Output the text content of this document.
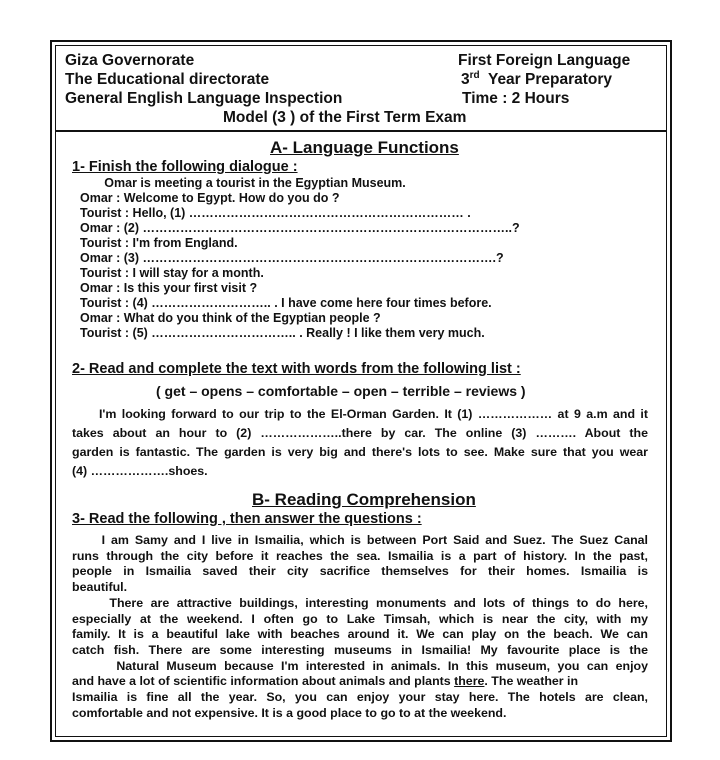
Giza Governorate
The Educational directorate
General English Language Inspection
First Foreign Language
3rd  Year Preparatory
Time : 2 Hours
Model (3 ) of the First Term Exam
A- Language Functions
1- Finish the following dialogue :
Omar is meeting a tourist in the Egyptian Museum.
Omar : Welcome to Egypt. How do you do ?
Tourist : Hello, (1) ………………………………………………………… .
Omar : (2) ……………………………………………………………………………..?
Tourist : I'm from England.
Omar : (3) ………………………………………………………………………….?
Tourist : I will stay for a month.
Omar : Is this your first visit ?
Tourist : (4) ……………………….. . I have come here four times before.
Omar : What do you think of the Egyptian people ?
Tourist : (5) …………………………….. . Really ! I like them very much.
2- Read and complete the text with words from the following list :
( get – opens – comfortable – open – terrible – reviews )
I'm looking forward to our trip to the El-Orman Garden. It (1) ……………… at 9 a.m and it
takes about an hour to (2) ………………..there by car. The online (3) ………. About the
garden is fantastic. The garden is very big and there's lots to see. Make sure that you wear
(4) ……………….shoes.
B- Reading Comprehension
3- Read the following , then answer the questions :
I am Samy and I live in Ismailia, which is between Port Said and Suez. The Suez Canal
runs through the city before it reaches the sea. Ismailia is a part of history. In the past,
people in Ismailia saved their city sacrifice themselves for their homes. Ismailia is
beautiful.
There are attractive buildings, interesting monuments and lots of things to do here,
especially at the weekend. I often go to Lake Timsah, which is near the city, with my
family. It is a beautiful lake with beaches around it. We can play on the beach. We can
catch fish. There are some interesting museums in Ismailia! My favourite place is the
Natural Museum because I'm interested in animals. In this museum, you can enjoy
and have a lot of scientific information about animals and plants there. The weather in
Ismailia is fine all the year. So, you can enjoy your stay here. The hotels are clean,
comfortable and not expensive. It is a good place to go to at the weekend.
